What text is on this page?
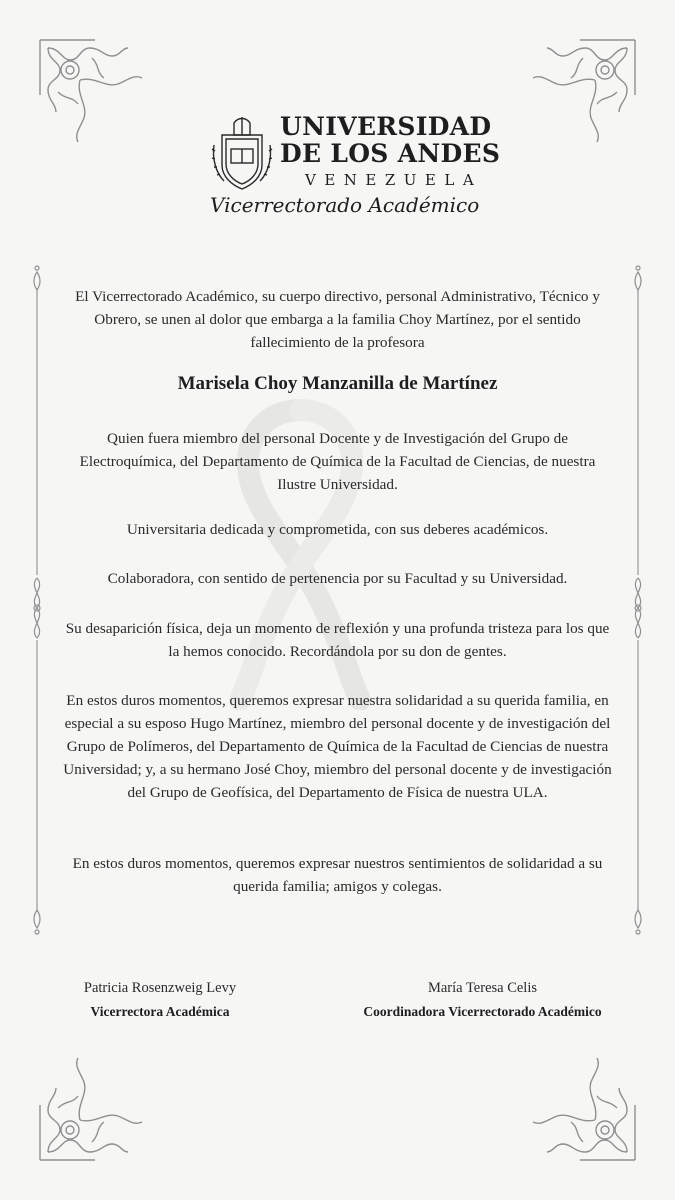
UNIVERSIDAD
DE LOS ANDES
VENEZUELA
Vicerrectorado Académico

El Vicerrectorado Académico, su cuerpo directivo, personal Administrativo, Técnico y Obrero, se unen al dolor que embarga a la familia Choy Martínez, por el sentido fallecimiento de la profesora

Marisela Choy Manzanilla de Martínez

Quien fuera miembro del personal Docente y de Investigación del Grupo de Electroquímica, del Departamento de Química de la Facultad de Ciencias, de nuestra Ilustre Universidad.

Universitaria dedicada y comprometida, con sus deberes académicos.

Colaboradora, con sentido de pertenencia por su Facultad y su Universidad.

Su desaparición física, deja un momento de reflexión y una profunda tristeza para los que la hemos conocido. Recordándola por su don de gentes.

En estos duros momentos, queremos expresar nuestra solidaridad a su querida familia, en especial a su esposo Hugo Martínez, miembro del personal docente y de investigación del Grupo de Polímeros, del Departamento de Química de la Facultad de Ciencias de nuestra Universidad; y, a su hermano José Choy, miembro del personal docente y de investigación del Grupo de Geofísica, del Departamento de Física de nuestra ULA.

En estos duros momentos, queremos expresar nuestros sentimientos de solidaridad a su querida familia; amigos y colegas.

Patricia Rosenzweig Levy
Vicerrectora Académica
María Teresa Celis
Coordinadora Vicerrectorado Académico
